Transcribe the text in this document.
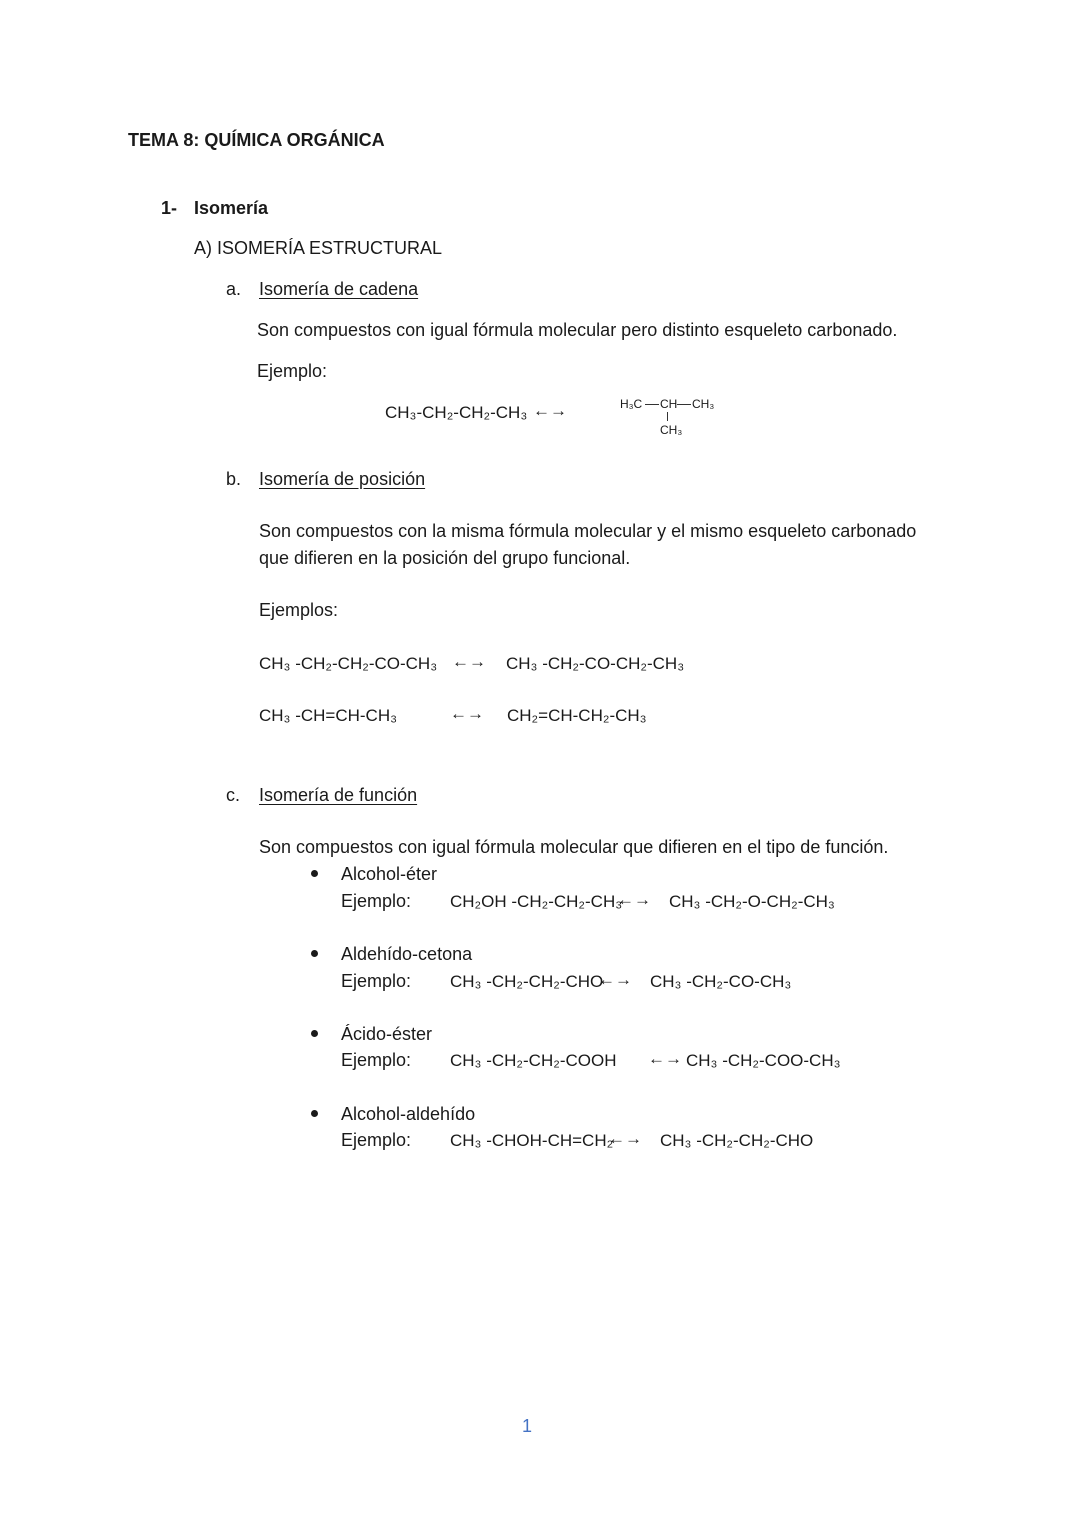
TEMA 8: QUÍMICA ORGÁNICA
1- Isomería
A) ISOMERÍA ESTRUCTURAL
a. Isomería de cadena
Son compuestos con igual fórmula molecular pero distinto esqueleto carbonado.
Ejemplo:
CH₃-CH₂-CH₂-CH₃ ←→	H₃C CH CH₃
CH₃
b. Isomería de posición
Son compuestos con la misma fórmula molecular y el mismo esqueleto carbonado
que difieren en la posición del grupo funcional.
Ejemplos:
CH₃ -CH₂-CH₂-CO-CH₃ ←→ CH₃ -CH₂-CO-CH₂-CH₃
CH₃ -CH=CH-CH₃	←→ CH₂=CH-CH₂-CH₃
c. Isomería de función
Son compuestos con igual fórmula molecular que difieren en el tipo de función.
Alcohol-éter
Ejemplo: CH₂OH -CH₂-CH₂-CH₃
←→ CH₃ -CH₂-O-CH₂-CH₃
Aldehído-cetona
Ejemplo: CH₃ -CH₂-CH₂-CHO
←→ CH₃ -CH₂-CO-CH₃
Ácido-éster
Ejemplo: CH₃ -CH₂-CH₂-COOH ←→ CH₃ -CH₂-COO-CH₃
Alcohol-aldehído
Ejemplo: CH₃ -CHOH-CH=CH₂
←→ CH₃ -CH₂-CH₂-CHO
1
